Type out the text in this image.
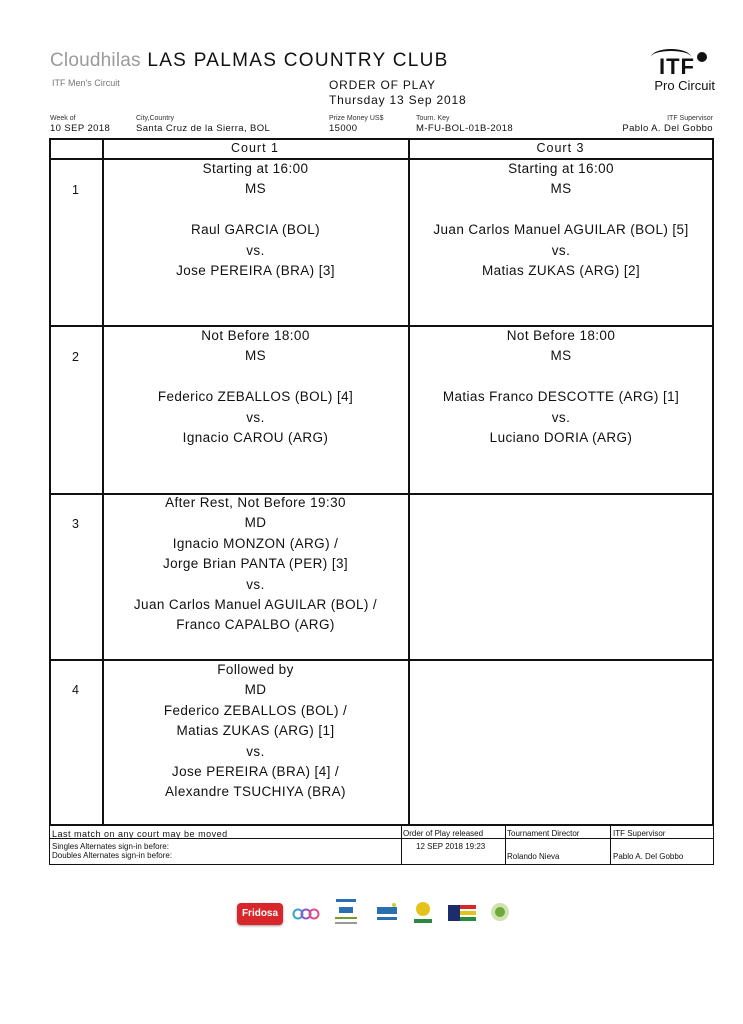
Cloudhilas LAS PALMAS COUNTRY CLUB
ITF Men's Circuit	ORDER OF PLAY
Thursday 13 Sep 2018
ITF
Pro Circuit
Week of
10 SEP 2018
City,Country
Santa Cruz de la Sierra, BOL
Prize Money US$
15000
Tourn. Key
M-FU-BOL-01B-2018
ITF Supervisor
Pablo A. Del Gobbo
Court 1	Court 3
1
2
3
4
Starting at 16:00
MS
Raul GARCIA (BOL)
vs.
Jose PEREIRA (BRA) [3]
Starting at 16:00
MS
Juan Carlos Manuel AGUILAR (BOL) [5]
vs.
Matias ZUKAS (ARG) [2]
Not Before 18:00
MS
Federico ZEBALLOS (BOL) [4]
vs.
Ignacio CAROU (ARG)
Not Before 18:00
MS
Matias Franco DESCOTTE (ARG) [1]
vs.
Luciano DORIA (ARG)
After Rest, Not Before 19:30
MD
Ignacio MONZON (ARG) /
Jorge Brian PANTA (PER) [3]
vs.
Juan Carlos Manuel AGUILAR (BOL) /
Franco CAPALBO (ARG)
Followed by
MD
Federico ZEBALLOS (BOL) /
Matias ZUKAS (ARG) [1]
vs.
Jose PEREIRA (BRA) [4] /
Alexandre TSUCHIYA (BRA)
Last match on any court may be moved
Singles Alternates sign-in before:
Doubles Alternates sign-in before:
Order of Play released
12 SEP 2018 19:23
Tournament Director
Rolando Nieva
ITF Supervisor
Pablo A. Del Gobbo
Fridosa
